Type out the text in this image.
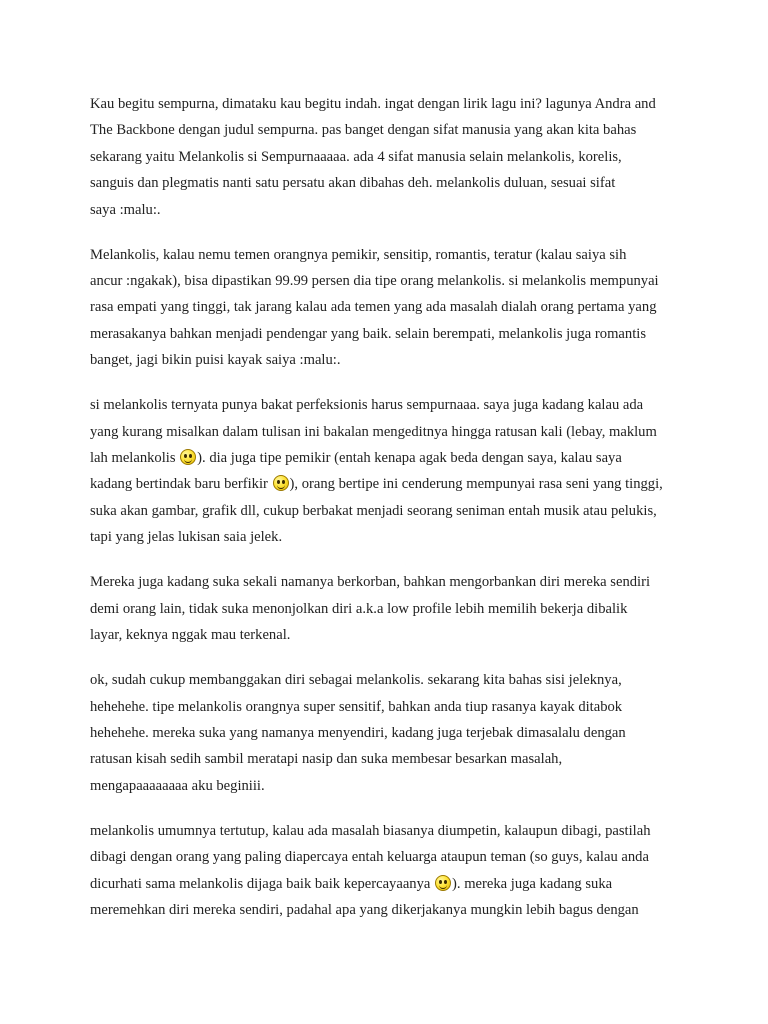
Kau begitu sempurna, dimataku kau begitu indah. ingat dengan lirik lagu ini? lagunya Andra and
The Backbone dengan judul sempurna. pas banget dengan sifat manusia yang akan kita bahas
sekarang yaitu Melankolis si Sempurnaaaaa. ada 4 sifat manusia selain melankolis, korelis,
sanguis dan plegmatis nanti satu persatu akan dibahas deh. melankolis duluan, sesuai sifat
saya :malu:.

Melankolis, kalau nemu temen orangnya pemikir, sensitip, romantis, teratur (kalau saiya sih
ancur :ngakak), bisa dipastikan 99.99 persen dia tipe orang melankolis. si melankolis mempunyai
rasa empati yang tinggi, tak jarang kalau ada temen yang ada masalah dialah orang pertama yang
merasakanya bahkan menjadi pendengar yang baik. selain berempati, melankolis juga romantis
banget, jagi bikin puisi kayak saiya :malu:.

si melankolis ternyata punya bakat perfeksionis harus sempurnaaa. saya juga kadang kalau ada
yang kurang misalkan dalam tulisan ini bakalan mengeditnya hingga ratusan kali (lebay, maklum
lah melankolis ). dia juga tipe pemikir (entah kenapa agak beda dengan saya, kalau saya
kadang bertindak baru berfikir ), orang bertipe ini cenderung mempunyai rasa seni yang tinggi,
suka akan gambar, grafik dll, cukup berbakat menjadi seorang seniman entah musik atau pelukis,
tapi yang jelas lukisan saia jelek.

Mereka juga kadang suka sekali namanya berkorban, bahkan mengorbankan diri mereka sendiri
demi orang lain, tidak suka menonjolkan diri a.k.a low profile lebih memilih bekerja dibalik
layar, keknya nggak mau terkenal.

ok, sudah cukup membanggakan diri sebagai melankolis. sekarang kita bahas sisi jeleknya,
hehehehe. tipe melankolis orangnya super sensitif, bahkan anda tiup rasanya kayak ditabok
hehehehe. mereka suka yang namanya menyendiri, kadang juga terjebak dimasalalu dengan
ratusan kisah sedih sambil meratapi nasip dan suka membesar besarkan masalah,
mengapaaaaaaaa aku beginiii.

melankolis umumnya tertutup, kalau ada masalah biasanya diumpetin, kalaupun dibagi, pastilah
dibagi dengan orang yang paling diapercaya entah keluarga ataupun teman (so guys, kalau anda
dicurhati sama melankolis dijaga baik baik kepercayaanya ). mereka juga kadang suka
meremehkan diri mereka sendiri, padahal apa yang dikerjakanya mungkin lebih bagus dengan
